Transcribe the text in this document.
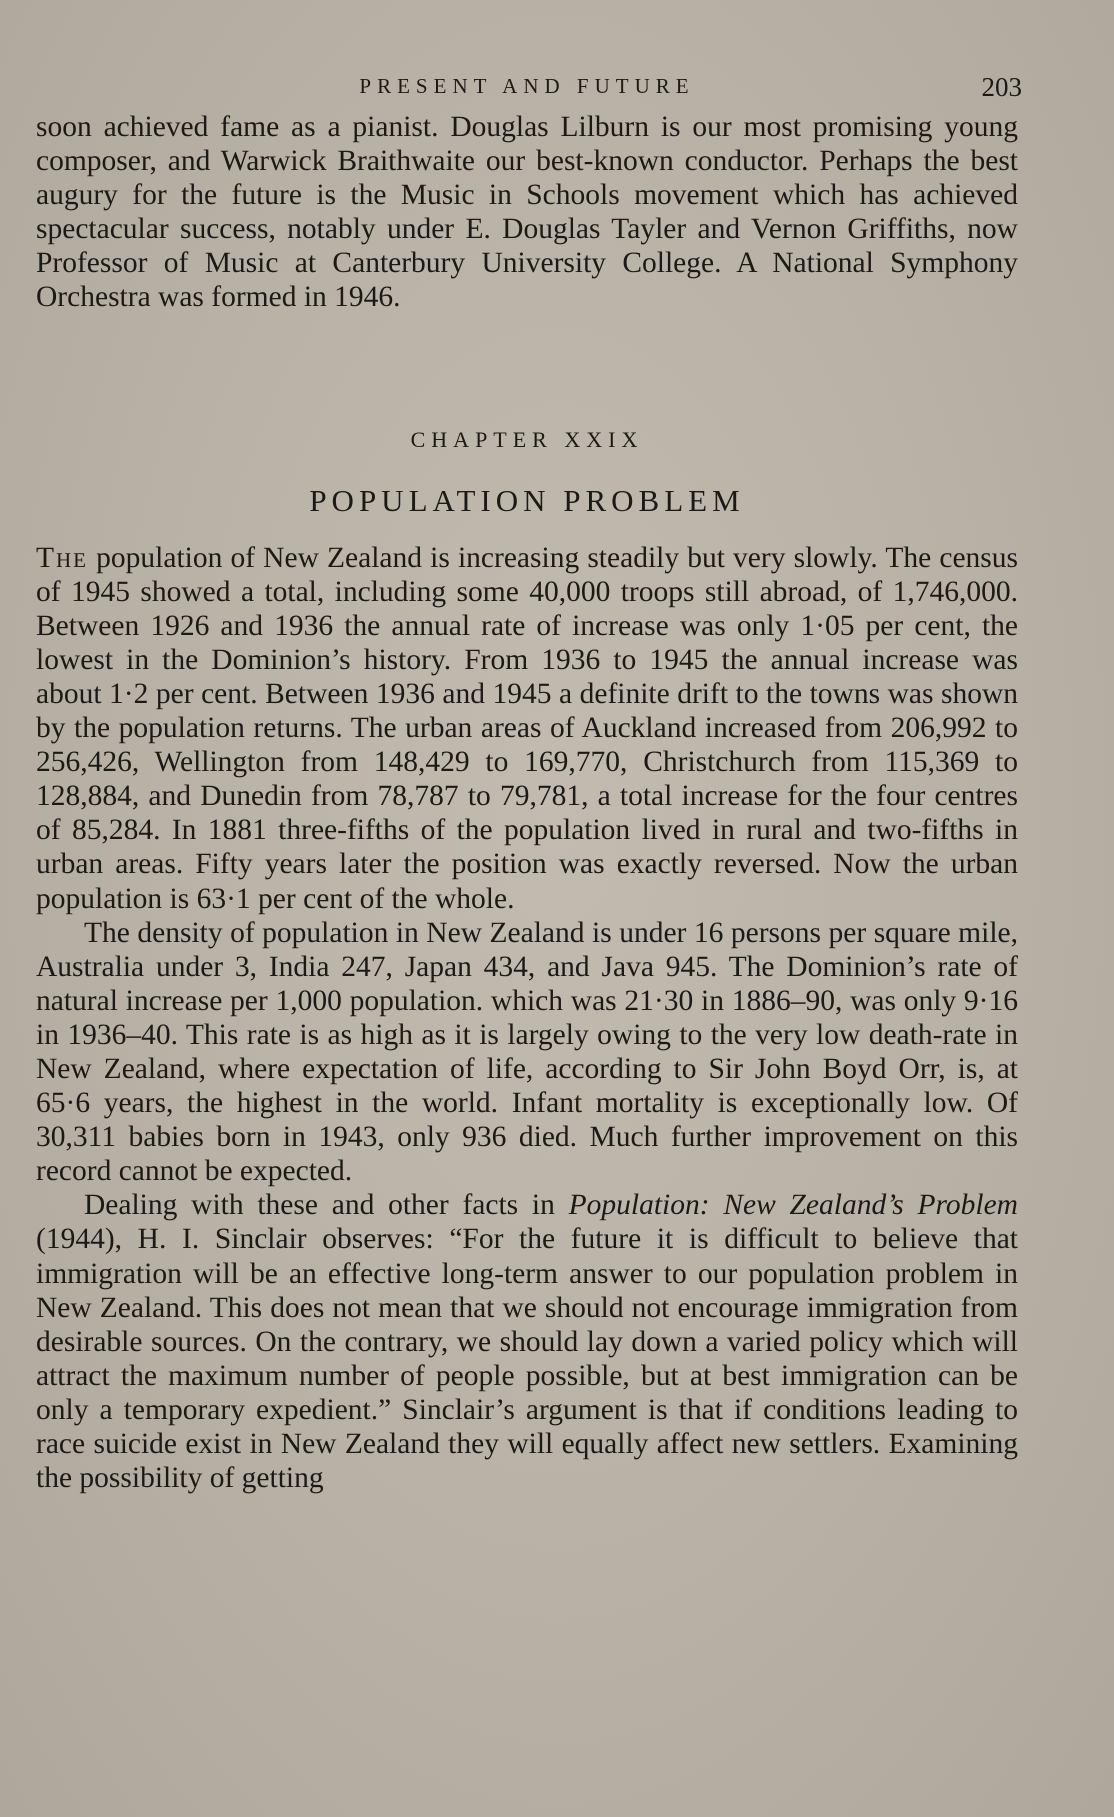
PRESENT AND FUTURE	203

soon achieved fame as a pianist. Douglas Lilburn is our most promising young composer, and Warwick Braithwaite our best-known conductor. Perhaps the best augury for the future is the Music in Schools movement which has achieved spectacular success, notably under E. Douglas Tayler and Vernon Griffiths, now Professor of Music at Canterbury University College. A National Symphony Orchestra was formed in 1946.

CHAPTER XXIX
POPULATION PROBLEM

The population of New Zealand is increasing steadily but very slowly. The census of 1945 showed a total, including some 40,000 troops still abroad, of 1,746,000. Between 1926 and 1936 the annual rate of increase was only 1·05 per cent, the lowest in the Dominion’s history. From 1936 to 1945 the annual increase was about 1·2 per cent. Between 1936 and 1945 a definite drift to the towns was shown by the population returns. The urban areas of Auckland increased from 206,992 to 256,426, Wellington from 148,429 to 169,770, Christchurch from 115,369 to 128,884, and Dunedin from 78,787 to 79,781, a total increase for the four centres of 85,284. In 1881 three-fifths of the population lived in rural and two-fifths in urban areas. Fifty years later the position was exactly reversed. Now the urban population is 63·1 per cent of the whole.

The density of population in New Zealand is under 16 persons per square mile, Australia under 3, India 247, Japan 434, and Java 945. The Dominion’s rate of natural increase per 1,000 population. which was 21·30 in 1886–90, was only 9·16 in 1936–40. This rate is as high as it is largely owing to the very low death-rate in New Zealand, where expectation of life, according to Sir John Boyd Orr, is, at 65·6 years, the highest in the world. Infant mortality is exceptionally low. Of 30,311 babies born in 1943, only 936 died. Much further improvement on this record cannot be expected.

Dealing with these and other facts in Population: New Zealand’s Problem (1944), H. I. Sinclair observes: “For the future it is difficult to believe that immigration will be an effective long-term answer to our population problem in New Zealand. This does not mean that we should not encourage immigration from desirable sources. On the contrary, we should lay down a varied policy which will attract the maximum number of people possible, but at best immigration can be only a temporary expedient.” Sinclair’s argument is that if conditions leading to race suicide exist in New Zealand they will equally affect new settlers. Examining the possibility of getting
